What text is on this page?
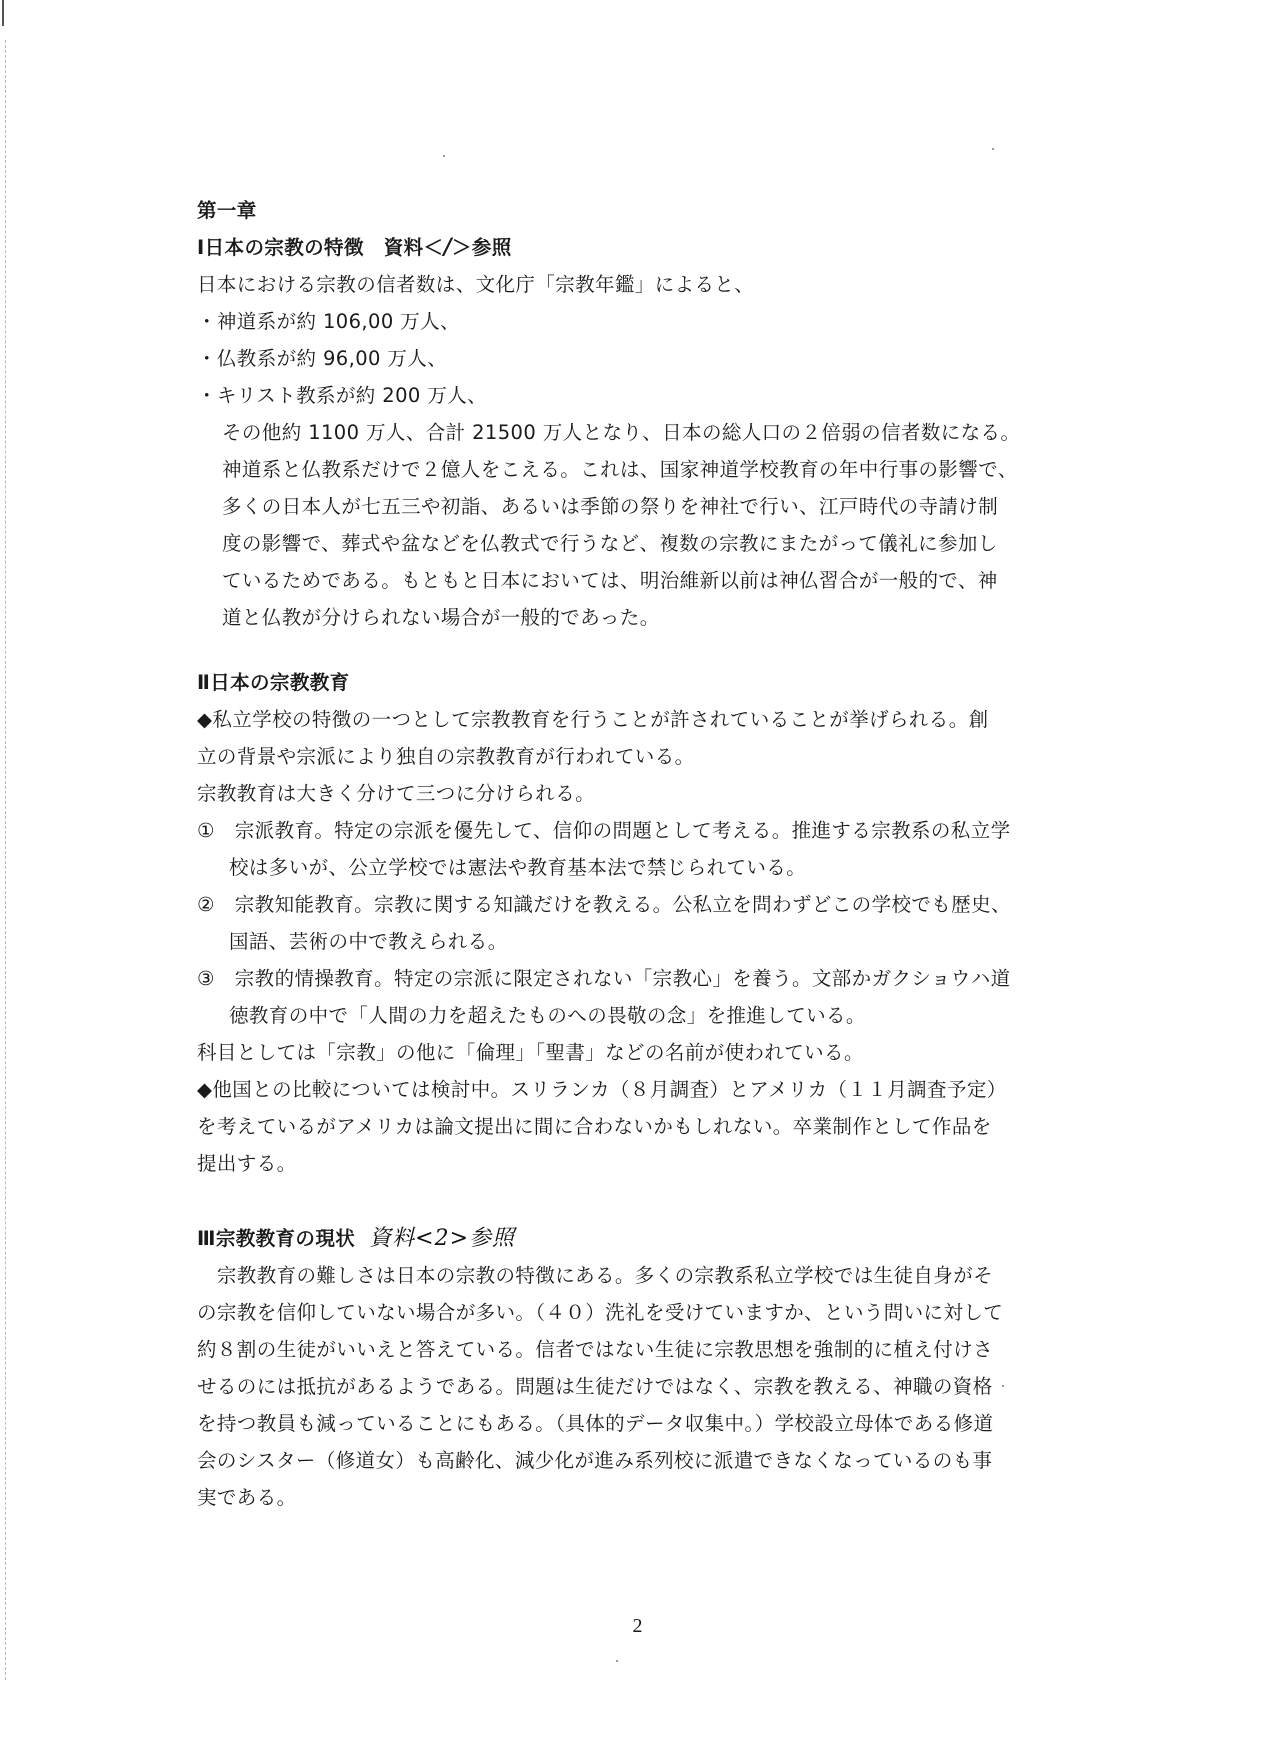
第一章
Ⅰ日本の宗教の特徴　資料＜/＞参照
日本における宗教の信者数は、文化庁「宗教年鑑」によると、
・神道系が約 106,00 万人、
・仏教系が約 96,00 万人、
・キリスト教系が約 200 万人、
その他約 1100 万人、合計 21500 万人となり、日本の総人口の２倍弱の信者数になる。
神道系と仏教系だけで２億人をこえる。これは、国家神道学校教育の年中行事の影響で、
多くの日本人が七五三や初詣、あるいは季節の祭りを神社で行い、江戸時代の寺請け制
度の影響で、葬式や盆などを仏教式で行うなど、複数の宗教にまたがって儀礼に参加し
ているためである。もともと日本においては、明治維新以前は神仏習合が一般的で、神
道と仏教が分けられない場合が一般的であった。
Ⅱ日本の宗教教育
◆私立学校の特徴の一つとして宗教教育を行うことが許されていることが挙げられる。創
立の背景や宗派により独自の宗教教育が行われている。
宗教教育は大きく分けて三つに分けられる。
①　宗派教育。特定の宗派を優先して、信仰の問題として考える。推進する宗教系の私立学
校は多いが、公立学校では憲法や教育基本法で禁じられている。
②　宗教知能教育。宗教に関する知識だけを教える。公私立を問わずどこの学校でも歴史、
国語、芸術の中で教えられる。
③　宗教的情操教育。特定の宗派に限定されない「宗教心」を養う。文部かガクショウハ道
徳教育の中で「人間の力を超えたものへの畏敬の念」を推進している。
科目としては「宗教」の他に「倫理」「聖書」などの名前が使われている。
◆他国との比較については検討中。スリランカ（８月調査）とアメリカ（１１月調査予定）
を考えているがアメリカは論文提出に間に合わないかもしれない。卒業制作として作品を
提出する。
Ⅲ宗教教育の現状 資料<2>参照
　宗教教育の難しさは日本の宗教の特徴にある。多くの宗教系私立学校では生徒自身がそ
の宗教を信仰していない場合が多い。（４０）洗礼を受けていますか、という問いに対して
約８割の生徒がいいえと答えている。信者ではない生徒に宗教思想を強制的に植え付けさ
せるのには抵抗があるようである。問題は生徒だけではなく、宗教を教える、神職の資格
を持つ教員も減っていることにもある。（具体的データ収集中。）学校設立母体である修道
会のシスター（修道女）も高齢化、減少化が進み系列校に派遣できなくなっているのも事
実である。
2
